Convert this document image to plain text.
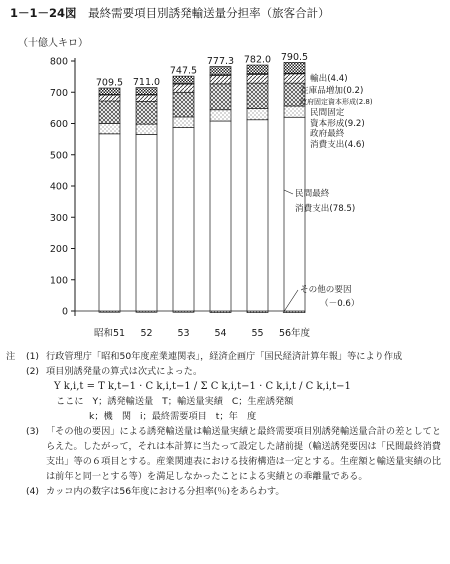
1－1－24図 最終需要項目別誘発輸送量分担率（旅客合計）
（十億人キロ）
0
100
200
300
400
500
600
700
800
709.5 711.0
747.5
777.3 782.0 790.5
昭和51 52	53	54	55 56年度
輸出(4.4)
在庫品増加(0.2)
政府固定資本形成(2.8)
民間固定
資本形成(9.2)
政府最終
消費支出(4.6)
民間最終
消費支出(78.5)
その他の要因
（－0.6）
注	(1) 行政管理庁「昭和50年度産業連関表」，経済企画庁「国民経済計算年報」等により作成
(2) 項目別誘発量の算式は次式によった。
Y k,i,t = T k,t−1 · C k,i,t−1 / Σ C k,i,t−1 · C k,i,t / C k,i,t−1
ここに Y；誘発輸送量 T；輸送量実績 C；生産誘発額
k；機　関 i；最終需要項目 t；年　度
(3) 「その他の要因」による誘発輸送量は輸送量実績と最終需要項目別誘発輸送量合計の差としてとらえた。したがって，それは本計算に当たって設定した諸前提（輸送誘発要因は「民間最終消費支出」等の６項目とする。産業関連表における技術構造は一定とする。生産額と輸送量実績の比は前年と同一とする等）を満足しなかったことによる実績との乖離量である。
(4) カッコ内の数字は56年度における分担率(％)をあらわす。
